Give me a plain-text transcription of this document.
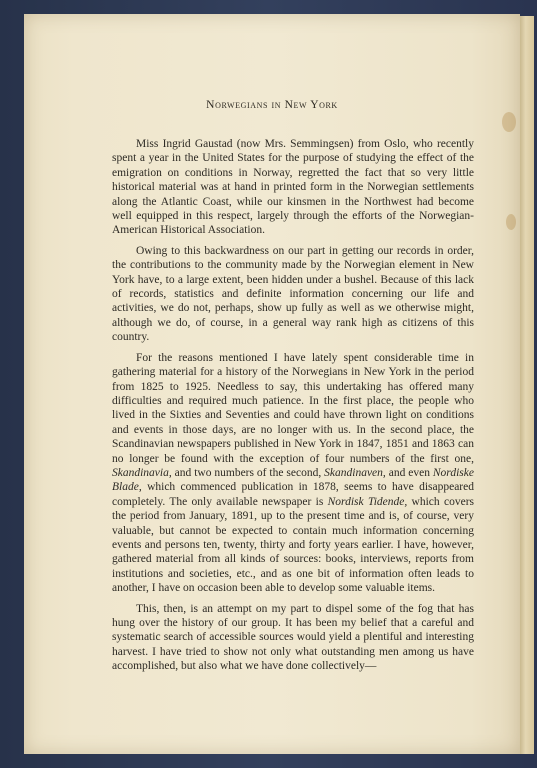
Norwegians in New York

Miss Ingrid Gaustad (now Mrs. Semmingsen) from Oslo, who recently spent a year in the United States for the purpose of studying the effect of the emigration on conditions in Norway, regretted the fact that so very little historical material was at hand in printed form in the Norwegian settlements along the Atlantic Coast, while our kinsmen in the Northwest had become well equipped in this respect, largely through the efforts of the Norwegian-American Historical Association.

Owing to this backwardness on our part in getting our records in order, the contributions to the community made by the Norwegian element in New York have, to a large extent, been hidden under a bushel. Because of this lack of records, statistics and definite information concerning our life and activities, we do not, perhaps, show up fully as well as we otherwise might, although we do, of course, in a general way rank high as citizens of this country.

For the reasons mentioned I have lately spent considerable time in gathering material for a history of the Norwegians in New York in the period from 1825 to 1925. Needless to say, this undertaking has offered many difficulties and required much patience. In the first place, the people who lived in the Sixties and Seventies and could have thrown light on conditions and events in those days, are no longer with us. In the second place, the Scandinavian newspapers published in New York in 1847, 1851 and 1863 can no longer be found with the exception of four numbers of the first one, Skandinavia, and two numbers of the second, Skandinaven, and even Nordiske Blade, which commenced publication in 1878, seems to have disappeared completely. The only available newspaper is Nordisk Tidende, which covers the period from January, 1891, up to the present time and is, of course, very valuable, but cannot be expected to contain much information concerning events and persons ten, twenty, thirty and forty years earlier. I have, however, gathered material from all kinds of sources: books, interviews, reports from institutions and societies, etc., and as one bit of information often leads to another, I have on occasion been able to develop some valuable items.

This, then, is an attempt on my part to dispel some of the fog that has hung over the history of our group. It has been my belief that a careful and systematic search of accessible sources would yield a plentiful and interesting harvest. I have tried to show not only what outstanding men among us have accomplished, but also what we have done collectively—
